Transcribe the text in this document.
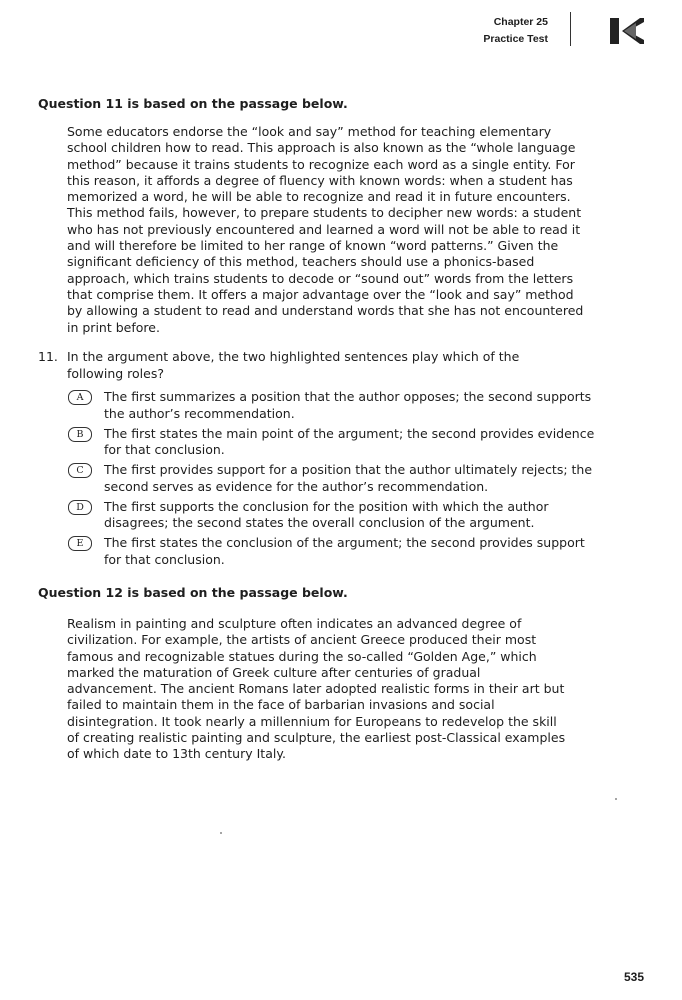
Chapter 25
Practice Test
Question 11 is based on the passage below.

Some educators endorse the “look and say” method for teaching elementary school children how to read. This approach is also known as the “whole language method” because it trains students to recognize each word as a single entity. For this reason, it affords a degree of fluency with known words: when a student has memorized a word, he will be able to recognize and read it in future encounters. This method fails, however, to prepare students to decipher new words: a student who has not previously encountered and learned a word will not be able to read it and will therefore be limited to her range of known “word patterns.” Given the significant deficiency of this method, teachers should use a phonics-based approach, which trains students to decode or “sound out” words from the letters that comprise them. It offers a major advantage over the “look and say” method by allowing a student to read and understand words that she has not encountered in print before.

11. In the argument above, the two highlighted sentences play which of the following roles?
A	The first summarizes a position that the author opposes; the second supports the author’s recommendation.
B	The first states the main point of the argument; the second provides evidence for that conclusion.
C	The first provides support for a position that the author ultimately rejects; the second serves as evidence for the author’s recommendation.
D	The first supports the conclusion for the position with which the author disagrees; the second states the overall conclusion of the argument.
E	The first states the conclusion of the argument; the second provides support for that conclusion.
Question 12 is based on the passage below.

Realism in painting and sculpture often indicates an advanced degree of civilization. For example, the artists of ancient Greece produced their most famous and recognizable statues during the so-called “Golden Age,” which marked the maturation of Greek culture after centuries of gradual advancement. The ancient Romans later adopted realistic forms in their art but failed to maintain them in the face of barbarian invasions and social disintegration. It took nearly a millennium for Europeans to redevelop the skill of creating realistic painting and sculpture, the earliest post-Classical examples of which date to 13th century Italy.

535
